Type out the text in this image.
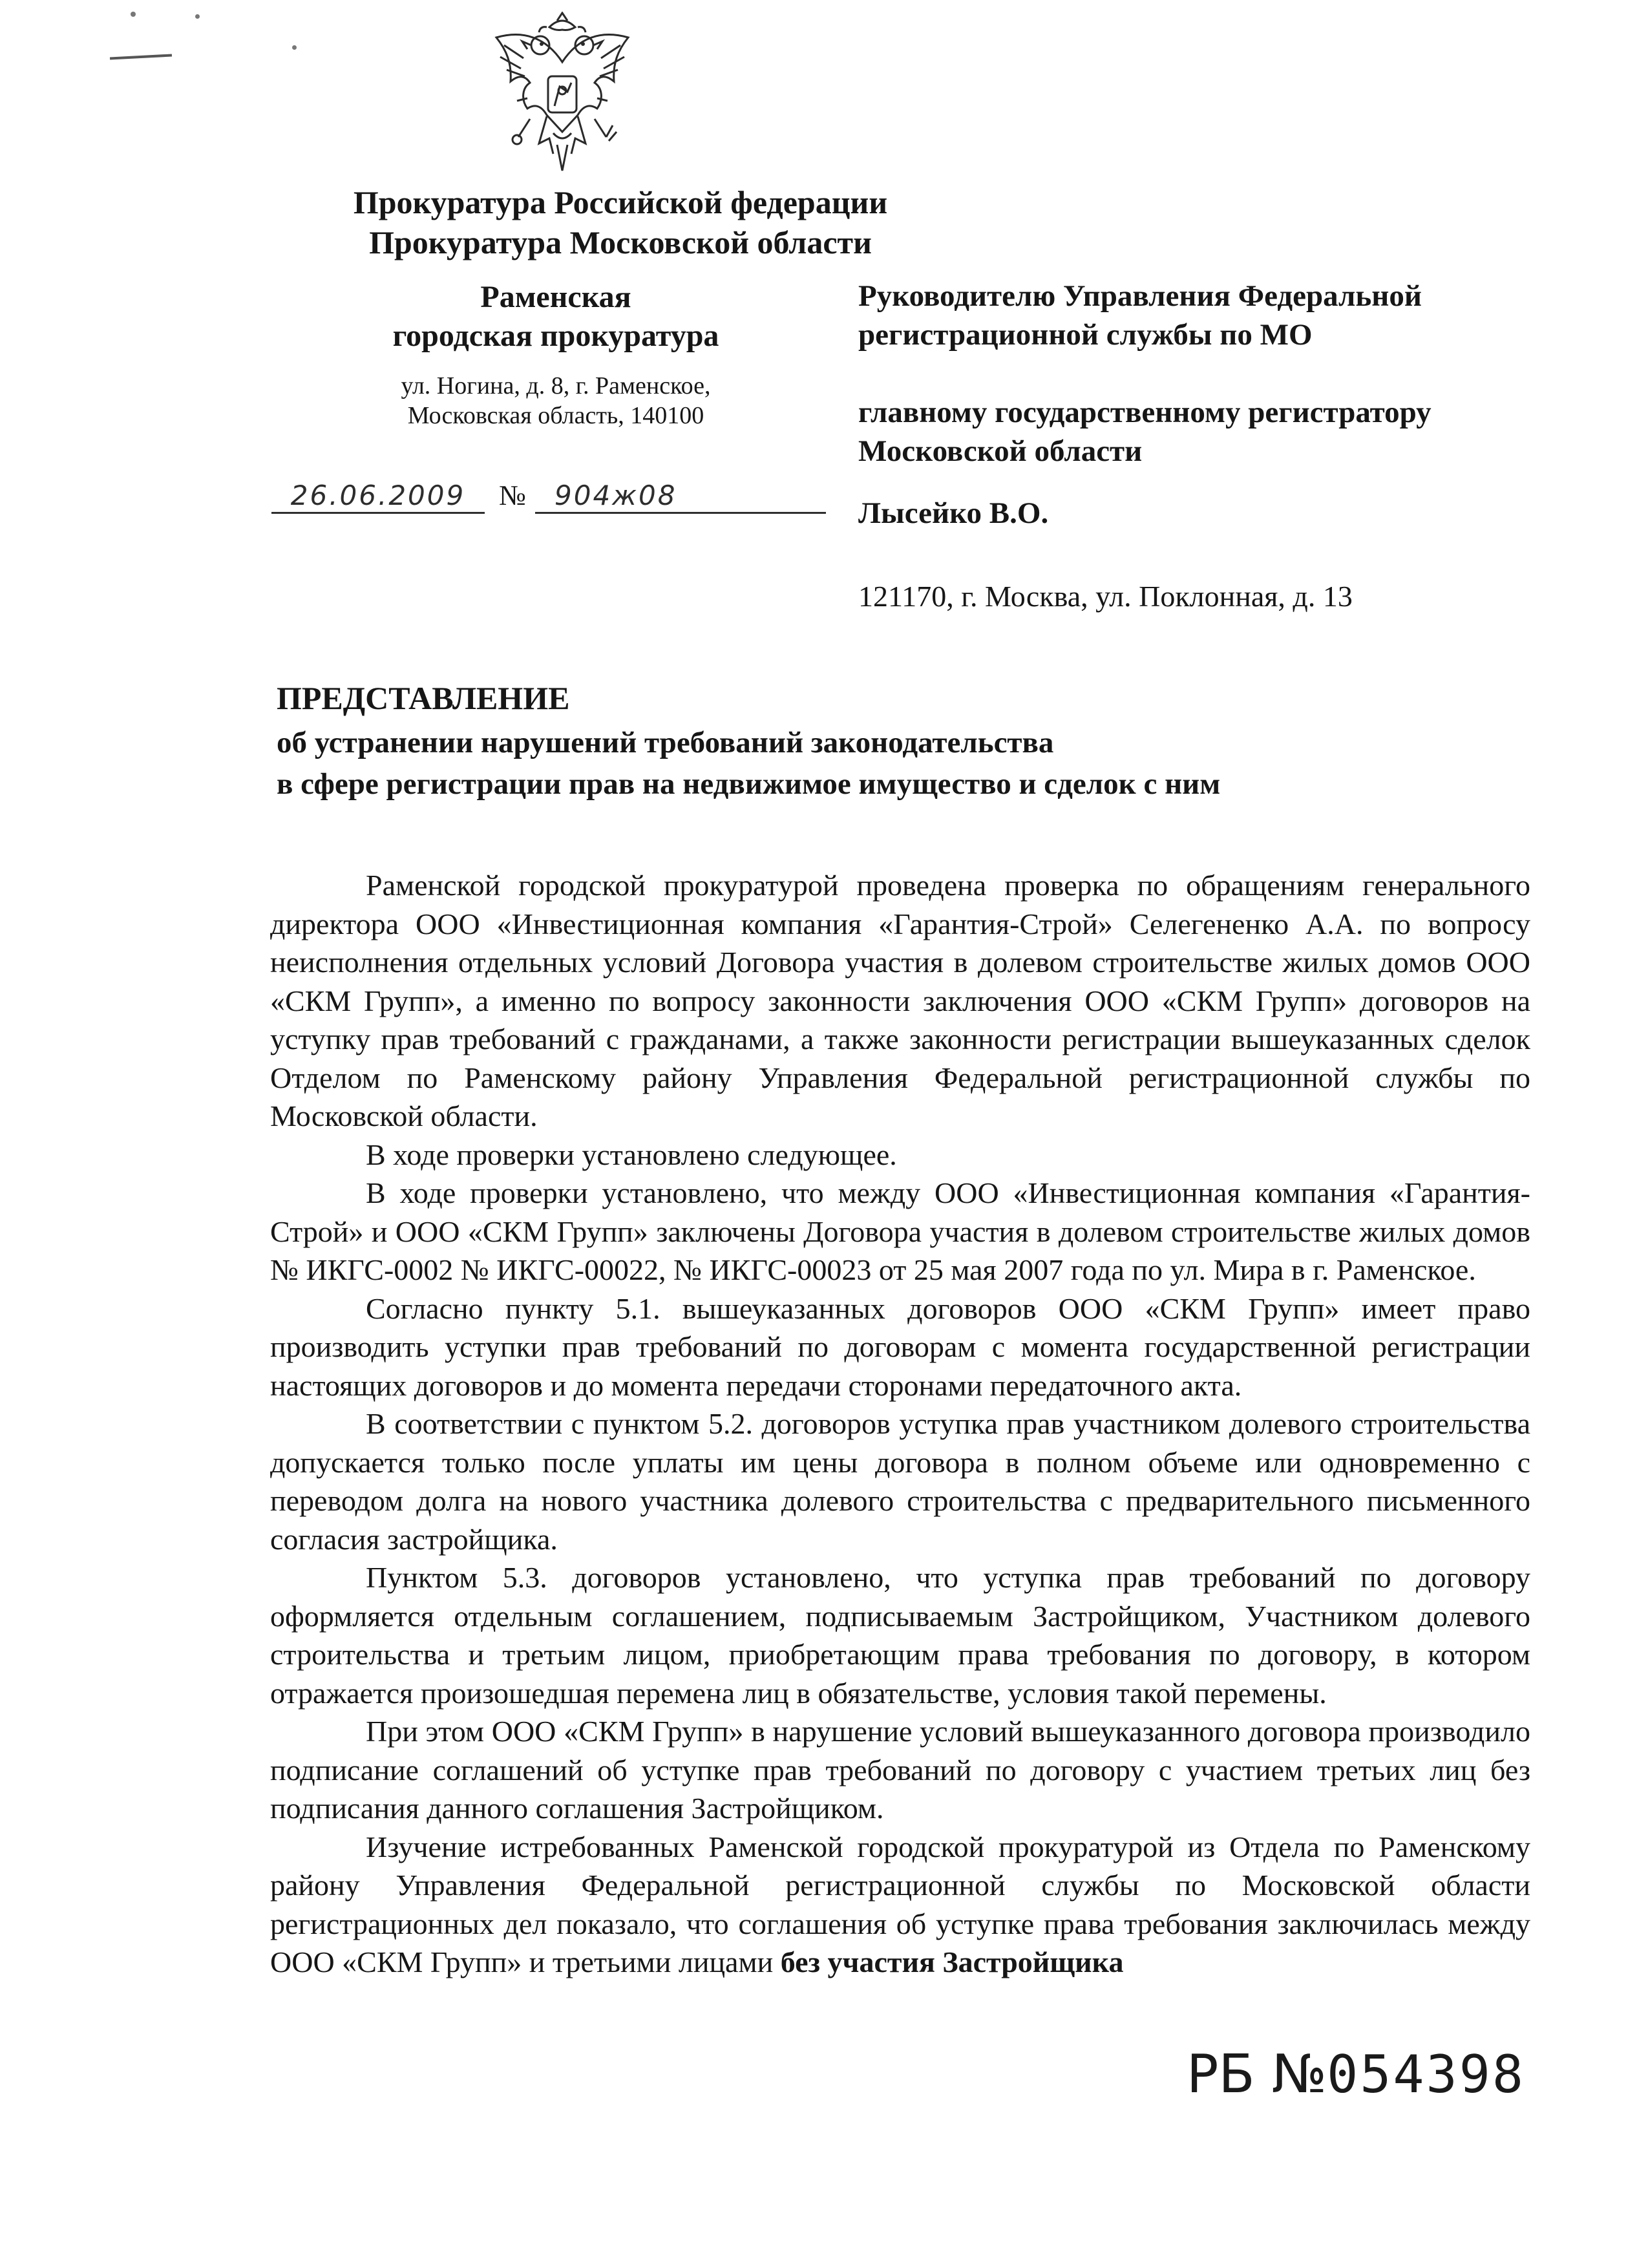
Прокуратура Российской федерации
Прокуратура Московской области
Раменская
городская прокуратура
ул. Ногина, д. 8, г. Раменское,
Московская область, 140100
26.06.2009	№	904ж08
Руководителю Управления Федеральной
регистрационной службы по МО
главному государственному регистратору
Московской области
Лысейко В.О.
121170, г. Москва, ул. Поклонная, д. 13
ПРЕДСТАВЛЕНИЕ
об устранении нарушений требований законодательства
в сфере регистрации прав на недвижимое имущество и сделок с ним

Раменской городской прокуратурой проведена проверка по обращениям генерального директора ООО «Инвестиционная компания «Гарантия-Строй» Селегененко А.А. по вопросу неисполнения отдельных условий Договора участия в долевом строительстве жилых домов ООО «СКМ Групп», а именно по вопросу законности заключения ООО «СКМ Групп» договоров на уступку прав требований с гражданами, а также законности регистрации вышеуказанных сделок Отделом по Раменскому району Управления Федеральной регистрационной службы по Московской области.

В ходе проверки установлено следующее.

В ходе проверки установлено, что между ООО «Инвестиционная компания «Гарантия-Строй» и ООО «СКМ Групп» заключены Договора участия в долевом строительстве жилых домов № ИКГС-0002 № ИКГС-00022, № ИКГС-00023 от 25 мая 2007 года по ул. Мира в г. Раменское.

Согласно пункту 5.1. вышеуказанных договоров ООО «СКМ Групп» имеет право производить уступки прав требований по договорам с момента государственной регистрации настоящих договоров и до момента передачи сторонами передаточного акта.

В соответствии с пунктом 5.2. договоров уступка прав участником долевого строительства допускается только после уплаты им цены договора в полном объеме или одновременно с переводом долга на нового участника долевого строительства с предварительного письменного согласия застройщика.

Пунктом 5.3. договоров установлено, что уступка прав требований по договору оформляется отдельным соглашением, подписываемым Застройщиком, Участником долевого строительства и третьим лицом, приобретающим права требования по договору, в котором отражается произошедшая перемена лиц в обязательстве, условия такой перемены.

При этом ООО «СКМ Групп» в нарушение условий вышеуказанного договора производило подписание соглашений об уступке прав требований по договору с участием третьих лиц без подписания данного соглашения Застройщиком.

Изучение истребованных Раменской городской прокуратурой из Отдела по Раменскому району Управления Федеральной регистрационной службы по Московской области регистрационных дел показало, что соглашения об уступке права требования заключилась между ООО «СКМ Групп» и третьими лицами без участия Застройщика

РБ №054398
